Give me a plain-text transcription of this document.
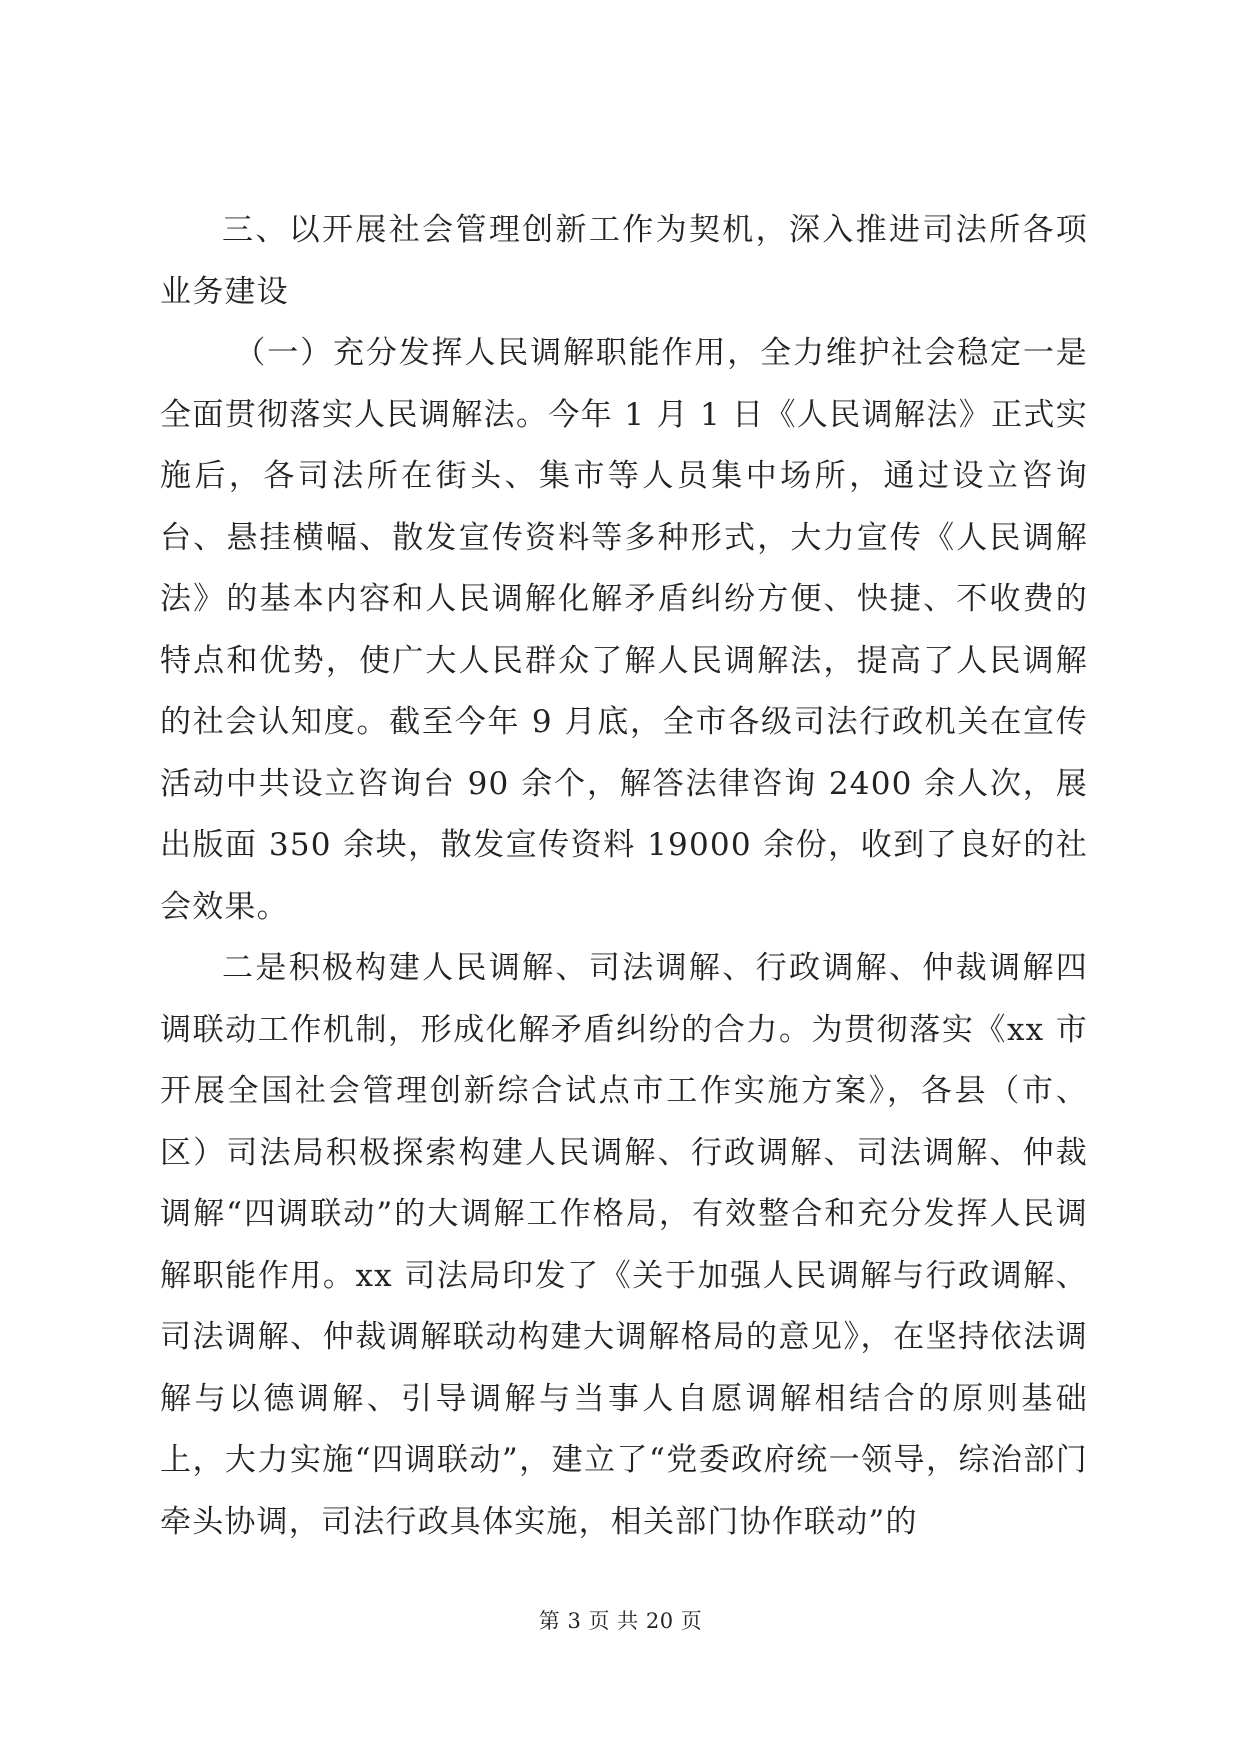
三、以开展社会管理创新工作为契机，深入推进司法所各项业务建设

（一）充分发挥人民调解职能作用，全力维护社会稳定一是全面贯彻落实人民调解法。今年 1 月 1 日《人民调解法》正式实施后，各司法所在街头、集市等人员集中场所，通过设立咨询台、悬挂横幅、散发宣传资料等多种形式，大力宣传《人民调解法》的基本内容和人民调解化解矛盾纠纷方便、快捷、不收费的特点和优势，使广大人民群众了解人民调解法，提高了人民调解的社会认知度。截至今年 9 月底，全市各级司法行政机关在宣传活动中共设立咨询台 90 余个，解答法律咨询 2400 余人次，展出版面 350 余块，散发宣传资料 19000 余份，收到了良好的社会效果。

二是积极构建人民调解、司法调解、行政调解、仲裁调解四调联动工作机制，形成化解矛盾纠纷的合力。为贯彻落实《xx 市开展全国社会管理创新综合试点市工作实施方案》，各县（市、区）司法局积极探索构建人民调解、行政调解、司法调解、仲裁调解“四调联动”的大调解工作格局，有效整合和充分发挥人民调解职能作用。xx 司法局印发了《关于加强人民调解与行政调解、司法调解、仲裁调解联动构建大调解格局的意见》，在坚持依法调解与以德调解、引导调解与当事人自愿调解相结合的原则基础上，大力实施“四调联动”，建立了“党委政府统一领导，综治部门牵头协调，司法行政具体实施，相关部门协作联动”的

第 3 页 共 20 页
